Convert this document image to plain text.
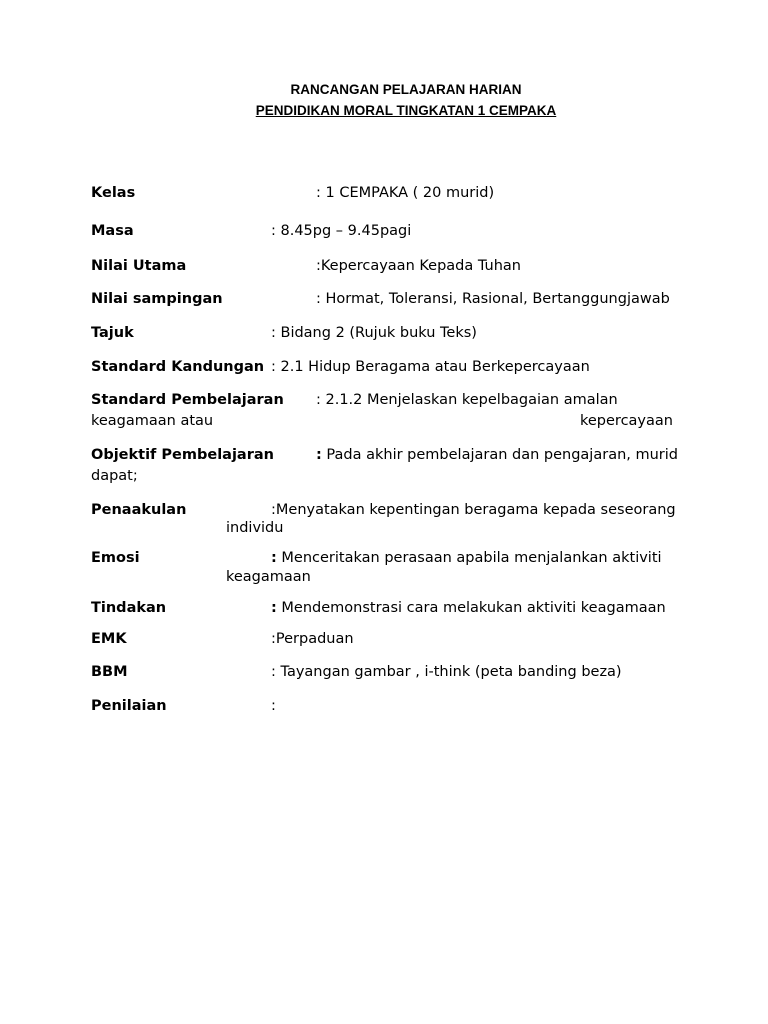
RANCANGAN PELAJARAN HARIAN
PENDIDIKAN MORAL TINGKATAN 1 CEMPAKA
Kelas	: 1 CEMPAKA ( 20 murid)
Masa	: 8.45pg – 9.45pagi
Nilai Utama	:Kepercayaan Kepada Tuhan
Nilai sampingan	: Hormat, Toleransi, Rasional, Bertanggungjawab
Tajuk	: Bidang 2 (Rujuk buku Teks)
Standard Kandungan : 2.1 Hidup Beragama atau Berkepercayaan
Standard Pembelajaran : 2.1.2 Menjelaskan kepelbagaian amalan
keagamaan atau	kepercayaan
Objektif Pembelajaran	: Pada akhir pembelajaran dan pengajaran, murid
dapat;
Penaakulan	:Menyatakan kepentingan beragama kepada seseorang
individu
Emosi	: Menceritakan perasaan apabila menjalankan aktiviti
keagamaan
Tindakan	: Mendemonstrasi cara melakukan aktiviti keagamaan
EMK	:Perpaduan
BBM	: Tayangan gambar , i-think (peta banding beza)
Penilaian	:
